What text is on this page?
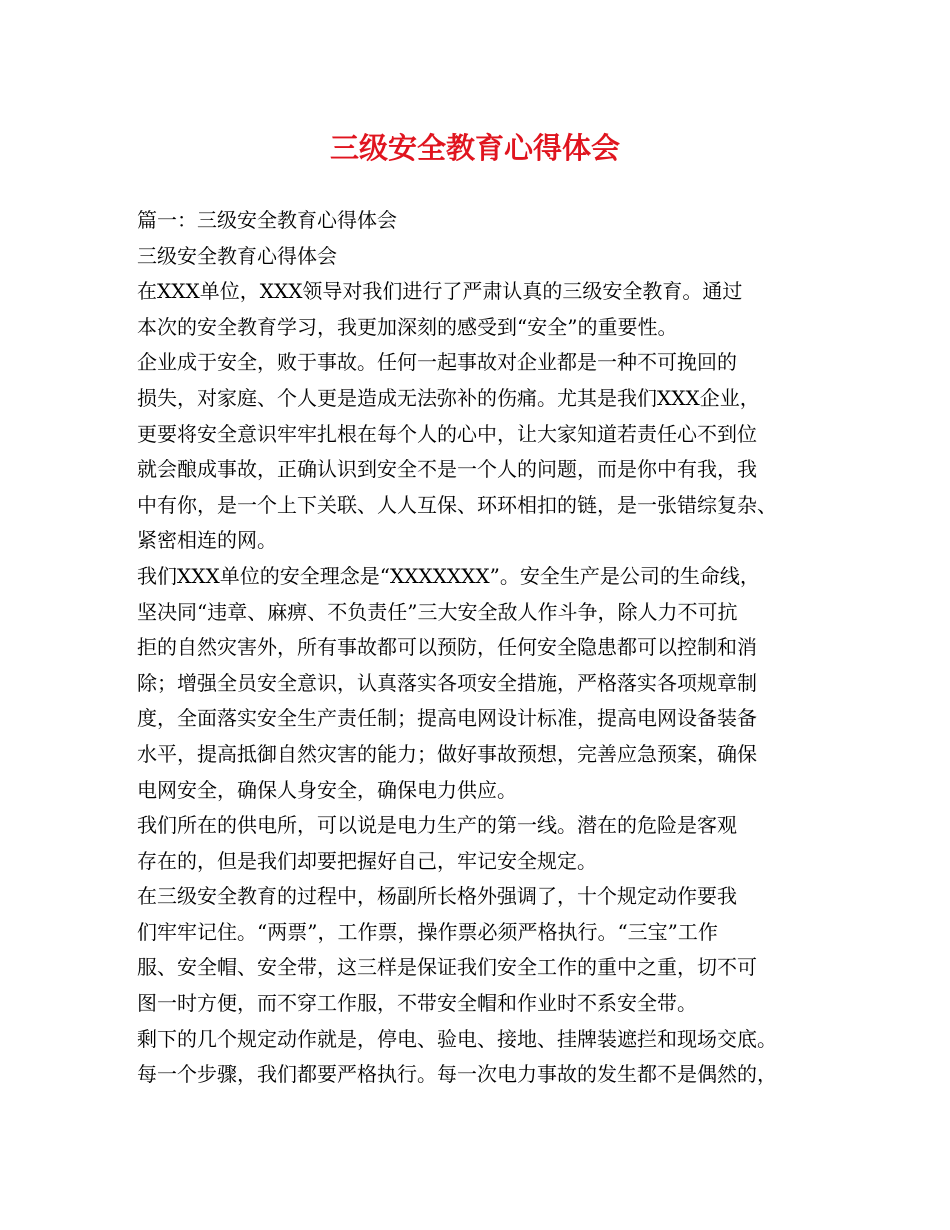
三级安全教育心得体会
篇一：三级安全教育心得体会
三级安全教育心得体会
在XXX单位，XXX领导对我们进行了严肃认真的三级安全教育。通过
本次的安全教育学习，我更加深刻的感受到“安全”的重要性。
企业成于安全，败于事故。任何一起事故对企业都是一种不可挽回的
损失，对家庭、个人更是造成无法弥补的伤痛。尤其是我们XXX企业，
更要将安全意识牢牢扎根在每个人的心中，让大家知道若责任心不到位
就会酿成事故，正确认识到安全不是一个人的问题，而是你中有我，我
中有你，是一个上下关联、人人互保、环环相扣的链，是一张错综复杂、
紧密相连的网。
我们XXX单位的安全理念是“XXXXXXX”。安全生产是公司的生命线，
坚决同“违章、麻痹、不负责任”三大安全敌人作斗争，除人力不可抗
拒的自然灾害外，所有事故都可以预防，任何安全隐患都可以控制和消
除；增强全员安全意识，认真落实各项安全措施，严格落实各项规章制
度，全面落实安全生产责任制；提高电网设计标准，提高电网设备装备
水平，提高抵御自然灾害的能力；做好事故预想，完善应急预案，确保
电网安全，确保人身安全，确保电力供应。
我们所在的供电所，可以说是电力生产的第一线。潜在的危险是客观
存在的，但是我们却要把握好自己，牢记安全规定。
在三级安全教育的过程中，杨副所长格外强调了，十个规定动作要我
们牢牢记住。“两票”，工作票，操作票必须严格执行。“三宝”工作
服、安全帽、安全带，这三样是保证我们安全工作的重中之重，切不可
图一时方便，而不穿工作服，不带安全帽和作业时不系安全带。
剩下的几个规定动作就是，停电、验电、接地、挂牌装遮拦和现场交底。
每一个步骤，我们都要严格执行。每一次电力事故的发生都不是偶然的，
